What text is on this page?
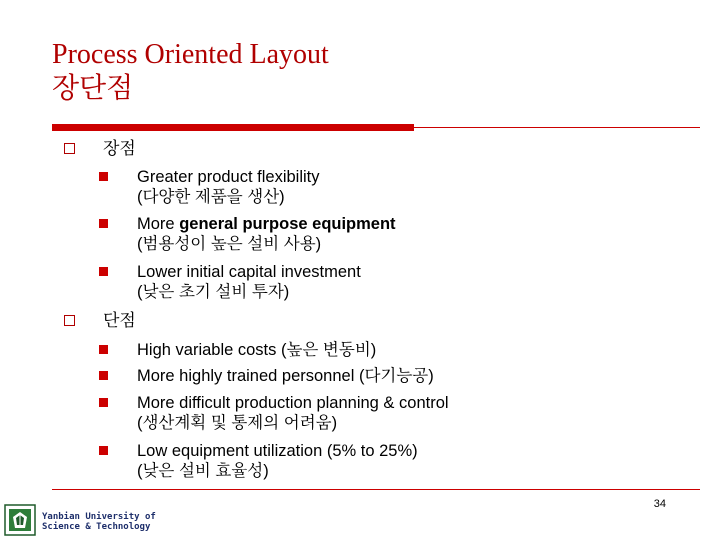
Process Oriented Layout
장단점
장점
Greater product flexibility
(다양한 제품을 생산)
More general purpose equipment
(범용성이 높은 설비 사용)
Lower initial capital investment
(낮은 초기 설비 투자)
단점
High variable costs (높은 변동비)
More highly trained personnel (다기능공)
More difficult production planning & control
(생산계획 및 통제의 어려움)
Low equipment utilization (5% to 25%)
(낮은 설비 효율성)
34
Yanbian University of
Science & Technology
